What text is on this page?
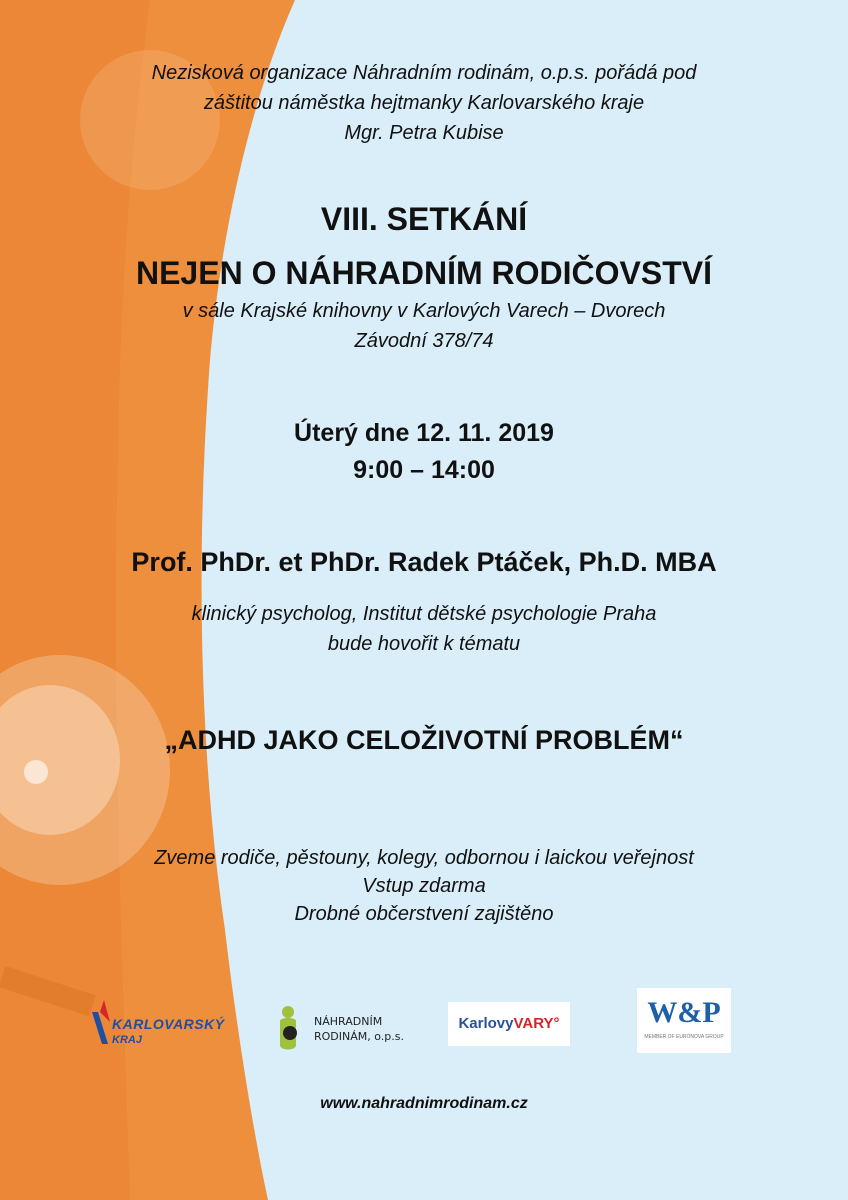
Nezisková organizace Náhradním rodinám, o.p.s. pořádá pod
záštitou náměstka hejtmanky Karlovarského kraje
Mgr. Petra Kubise
VIII. SETKÁNÍ
NEJEN O NÁHRADNÍM RODIČOVSTVÍ
v sále Krajské knihovny v Karlových Varech – Dvorech
Závodní 378/74
Úterý dne 12. 11. 2019
9:00 – 14:00
Prof. PhDr. et PhDr. Radek Ptáček, Ph.D. MBA
klinický psycholog, Institut dětské psychologie Praha
bude hovořit k tématu
„ADHD JAKO CELOŽIVOTNÍ PROBLÉM“
Zveme rodiče, pěstouny, kolegy, odbornou i laickou veřejnost
Vstup zdarma
Drobné občerstvení zajištěno
KARLOVARSKÝ
KRAJ
NÁHRADNÍM
RODINÁM, o.p.s.
KarlovyVARY°	W&P
MEMBER OF EURONOVA GROUP
www.nahradnimrodinam.cz
